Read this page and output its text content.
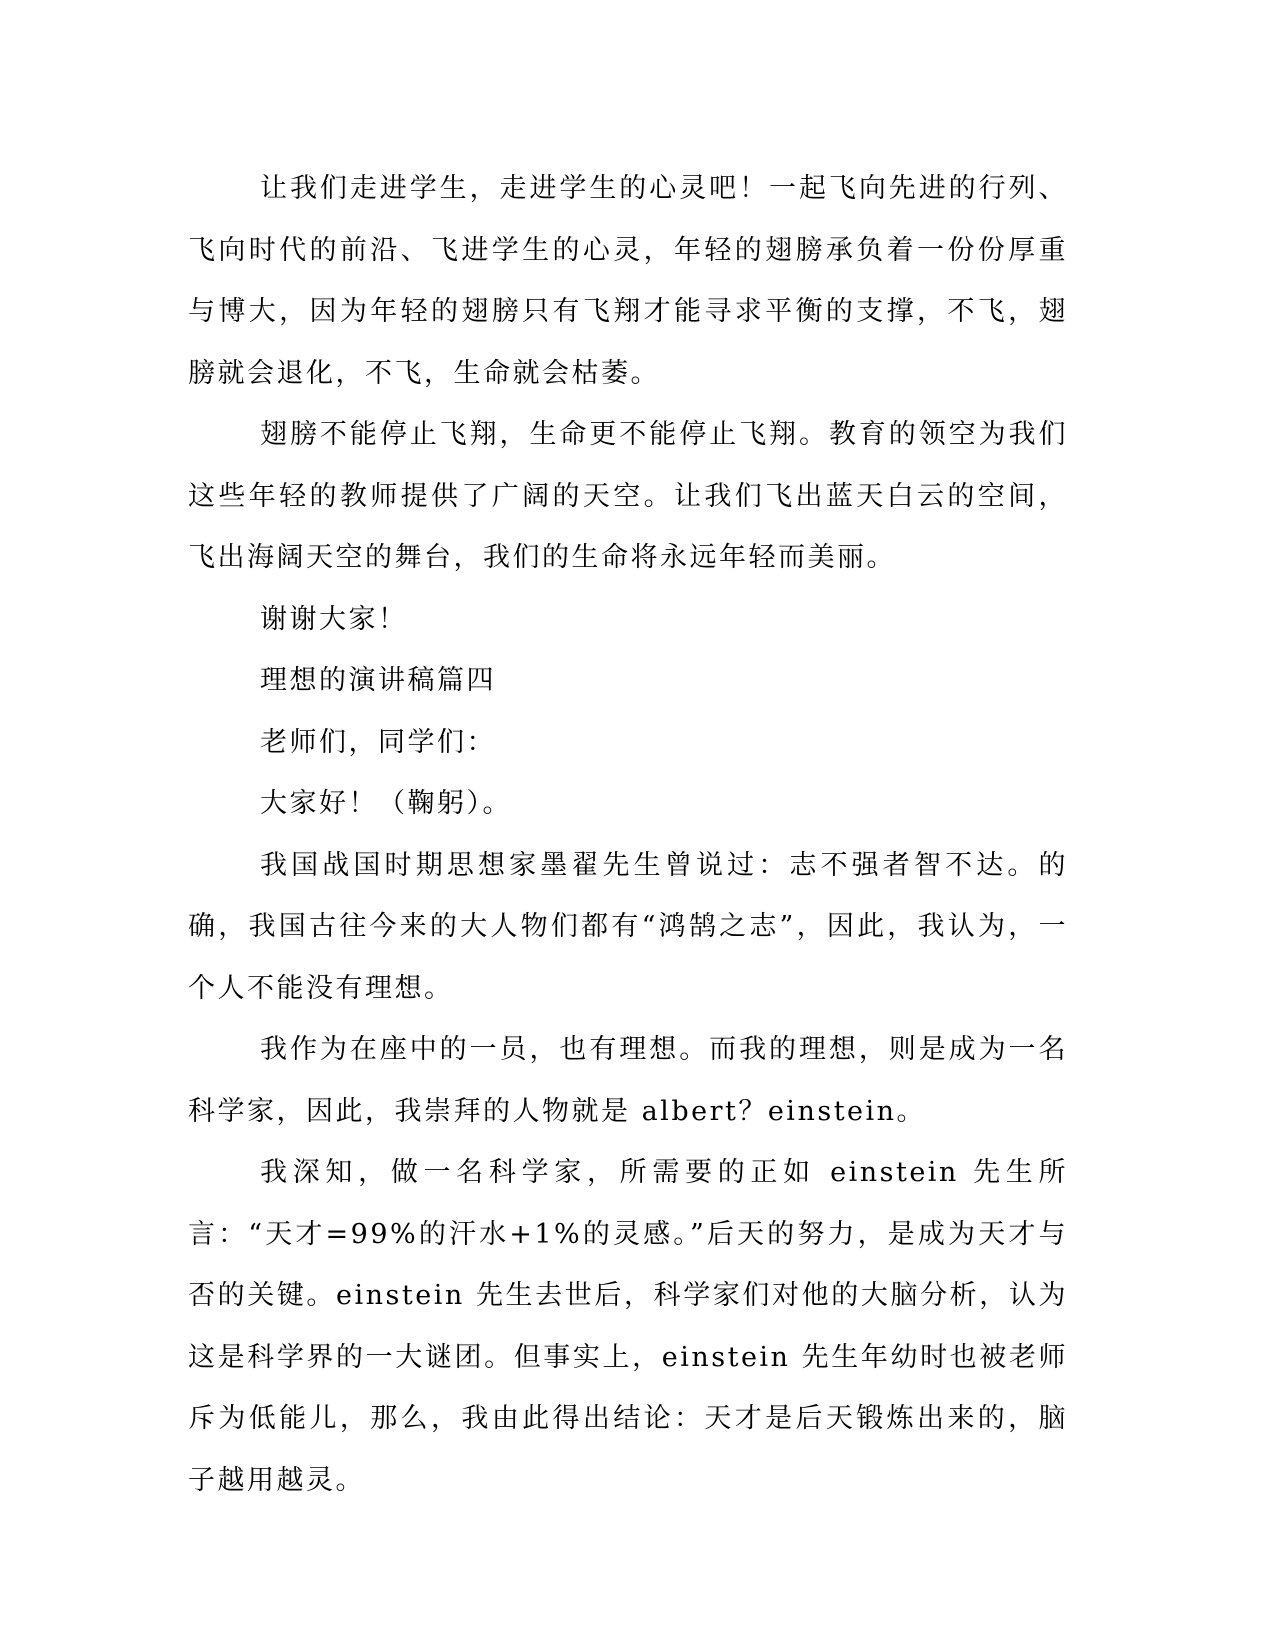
让我们走进学生，走进学生的心灵吧！一起飞向先进的行列、飞向时代的前沿、飞进学生的心灵，年轻的翅膀承负着一份份厚重与博大，因为年轻的翅膀只有飞翔才能寻求平衡的支撑，不飞，翅膀就会退化，不飞，生命就会枯萎。

翅膀不能停止飞翔，生命更不能停止飞翔。教育的领空为我们这些年轻的教师提供了广阔的天空。让我们飞出蓝天白云的空间，飞出海阔天空的舞台，我们的生命将永远年轻而美丽。

谢谢大家！

理想的演讲稿篇四

老师们，同学们：

大家好！（鞠躬）。

我国战国时期思想家墨翟先生曾说过：志不强者智不达。的确，我国古往今来的大人物们都有“鸿鹄之志”，因此，我认为，一个人不能没有理想。

我作为在座中的一员，也有理想。而我的理想，则是成为一名科学家，因此，我崇拜的人物就是 albert？einstein。

我深知，做一名科学家，所需要的正如 einstein 先生所言：“天才=99%的汗水+1%的灵感。”后天的努力，是成为天才与否的关键。einstein 先生去世后，科学家们对他的大脑分析，认为这是科学界的一大谜团。但事实上，einstein 先生年幼时也被老师斥为低能儿，那么，我由此得出结论：天才是后天锻炼出来的，脑子越用越灵。
